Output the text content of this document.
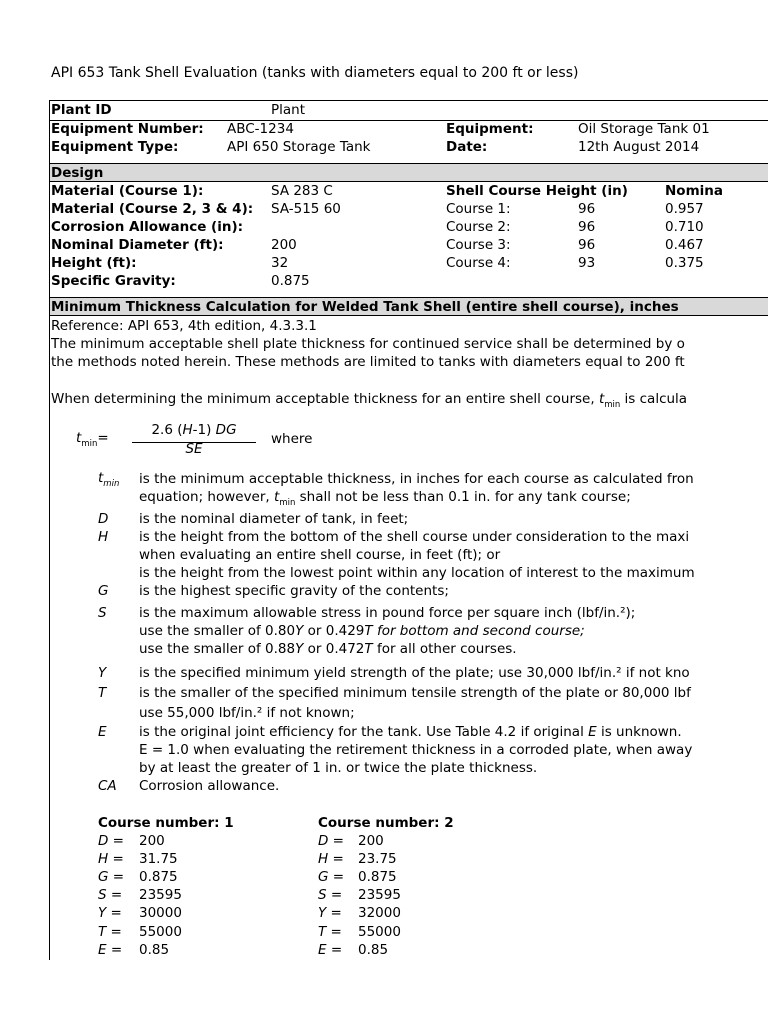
API 653 Tank Shell Evaluation (tanks with diameters equal to 200 ft or less)
Plant ID	Plant
Equipment Number: ABC-1234	Equipment:	Oil Storage Tank 01
Equipment Type:	API 650 Storage Tank	Date:	12th August 2014
Design
Material (Course 1):	SA 283 C
Material (Course 2, 3 & 4): SA-515 60
Corrosion Allowance (in):
Nominal Diameter (ft):	200
Height (ft):	32
Specific Gravity:	0.875
Shell Course Height (in)	Nomina
Course 1:	96	0.957
Course 2:	96	0.710
Course 3:	96	0.467
Course 4:	93	0.375
Minimum Thickness Calculation for Welded Tank Shell (entire shell course), inches
Reference: API 653, 4th edition, 4.3.3.1
The minimum acceptable shell plate thickness for continued service shall be determined by o
the methods noted herein. These methods are limited to tanks with diameters equal to 200 ft
When determining the minimum acceptable thickness for an entire shell course, $t_{min}$ is calcula
$t_{min}=$	2.6 (H-1) DG
SE
where
$t_{min}$ is the minimum acceptable thickness, in inches for each course as calculated fron
equation; however, $t_{min}$ shall not be less than 0.1 in. for any tank course;
D is the nominal diameter of tank, in feet;
H is the height from the bottom of the shell course under consideration to the maxi
when evaluating an entire shell course, in feet (ft); or
is the height from the lowest point within any location of interest to the maximum
G is the highest specific gravity of the contents;
S is the maximum allowable stress in pound force per square inch (lbf/in.²);
use the smaller of 0.80Y or 0.429T for bottom and second course;
use the smaller of 0.88Y or 0.472T for all other courses.
Y is the specified minimum yield strength of the plate; use 30,000 lbf/in.² if not kno
T is the smaller of the specified minimum tensile strength of the plate or 80,000 lbf
use 55,000 lbf/in.² if not known;
E is the original joint efficiency for the tank. Use Table 4.2 if original E is unknown.
E = 1.0 when evaluating the retirement thickness in a corroded plate, when away
by at least the greater of 1 in. or twice the plate thickness.
CA Corrosion allowance.
Course number: 1
D = 200
H = 31.75
G = 0.875
S = 23595
Y = 30000
T = 55000
E = 0.85
Course number: 2
D = 200
H = 23.75
G = 0.875
S = 23595
Y = 32000
T = 55000
E = 0.85
